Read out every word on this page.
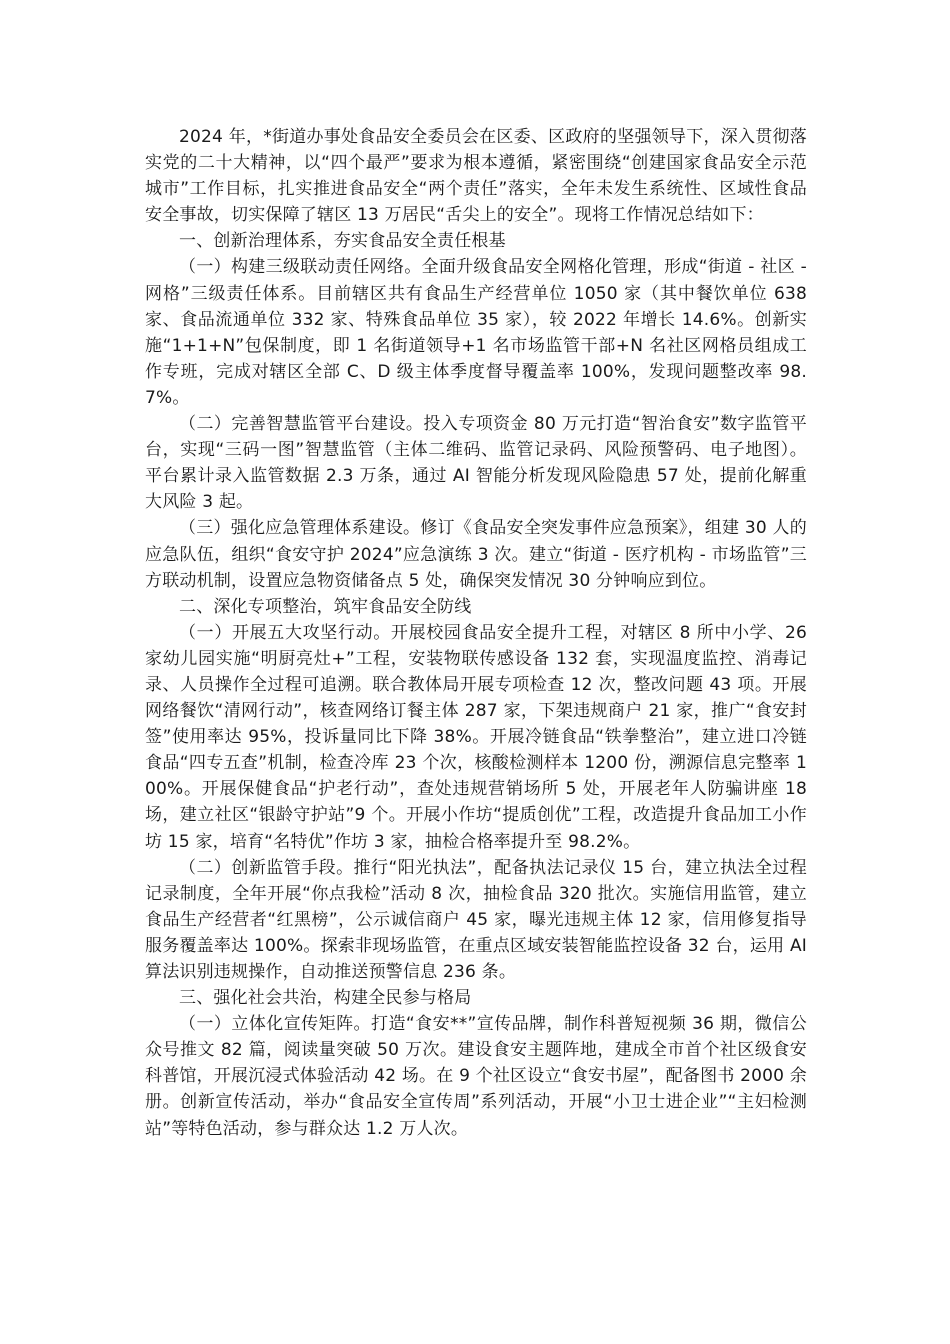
2024 年，*街道办事处食品安全委员会在区委、区政府的坚强领导下，深入贯彻落实党的二十大精神，以“四个最严”要求为根本遵循，紧密围绕“创建国家食品安全示范城市”工作目标，扎实推进食品安全“两个责任”落实，全年未发生系统性、区域性食品安全事故，切实保障了辖区 13 万居民“舌尖上的安全”。现将工作情况总结如下：

一、创新治理体系，夯实食品安全责任根基

（一）构建三级联动责任网络。全面升级食品安全网格化管理，形成“街道 - 社区 - 网格”三级责任体系。目前辖区共有食品生产经营单位 1050 家（其中餐饮单位 638 家、食品流通单位 332 家、特殊食品单位 35 家），较 2022 年增长 14.6%。创新实施“1+1+N”包保制度，即 1 名街道领导+1 名市场监管干部+N 名社区网格员组成工作专班，完成对辖区全部 C、D 级主体季度督导覆盖率 100%，发现问题整改率 98.7%。

（二）完善智慧监管平台建设。投入专项资金 80 万元打造“智治食安”数字监管平台，实现“三码一图”智慧监管（主体二维码、监管记录码、风险预警码、电子地图）。平台累计录入监管数据 2.3 万条，通过 AI 智能分析发现风险隐患 57 处，提前化解重大风险 3 起。

（三）强化应急管理体系建设。修订《食品安全突发事件应急预案》，组建 30 人的应急队伍，组织“食安守护 2024”应急演练 3 次。建立“街道 - 医疗机构 - 市场监管”三方联动机制，设置应急物资储备点 5 处，确保突发情况 30 分钟响应到位。

二、深化专项整治，筑牢食品安全防线

（一）开展五大攻坚行动。开展校园食品安全提升工程，对辖区 8 所中小学、26 家幼儿园实施“明厨亮灶+”工程，安装物联传感设备 132 套，实现温度监控、消毒记录、人员操作全过程可追溯。联合教体局开展专项检查 12 次，整改问题 43 项。开展网络餐饮“清网行动”，核查网络订餐主体 287 家，下架违规商户 21 家，推广“食安封签”使用率达 95%，投诉量同比下降 38%。开展冷链食品“铁拳整治”，建立进口冷链食品“四专五查”机制，检查冷库 23 个次，核酸检测样本 1200 份，溯源信息完整率 100%。开展保健食品“护老行动”，查处违规营销场所 5 处，开展老年人防骗讲座 18 场，建立社区“银龄守护站”9 个。开展小作坊“提质创优”工程，改造提升食品加工小作坊 15 家，培育“名特优”作坊 3 家，抽检合格率提升至 98.2%。

（二）创新监管手段。推行“阳光执法”，配备执法记录仪 15 台，建立执法全过程记录制度，全年开展“你点我检”活动 8 次，抽检食品 320 批次。实施信用监管，建立食品生产经营者“红黑榜”，公示诚信商户 45 家，曝光违规主体 12 家，信用修复指导服务覆盖率达 100%。探索非现场监管，在重点区域安装智能监控设备 32 台，运用 AI 算法识别违规操作，自动推送预警信息 236 条。

三、强化社会共治，构建全民参与格局

（一）立体化宣传矩阵。打造“食安**”宣传品牌，制作科普短视频 36 期，微信公众号推文 82 篇，阅读量突破 50 万次。建设食安主题阵地，建成全市首个社区级食安科普馆，开展沉浸式体验活动 42 场。在 9 个社区设立“食安书屋”，配备图书 2000 余册。创新宣传活动，举办“食品安全宣传周”系列活动，开展“小卫士进企业”“主妇检测站”等特色活动，参与群众达 1.2 万人次。
